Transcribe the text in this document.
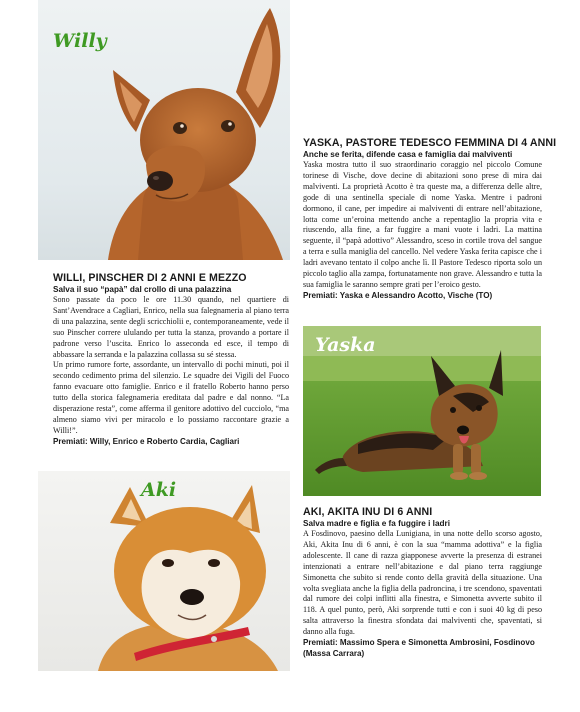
Willy
YASKA, PASTORE TEDESCO FEMMINA DI 4 ANNI
Anche se ferita, difende casa e famiglia dai malviventi

Yaska mostra tutto il suo straordinario coraggio nel piccolo Comune torinese di Vische, dove decine di abitazioni sono prese di mira dai malviventi. La proprietà Acotto è tra queste ma, a differenza delle altre, gode di una sentinella speciale di nome Yaska. Mentre i padroni dormono, il cane, per impedire ai malviventi di entrare nell’abitazione, lotta come un’eroina mettendo anche a repentaglio la propria vita e riuscendo, alla fine, a far fuggire a mani vuote i ladri. La mattina seguente, il “papà adottivo” Alessandro, sceso in cortile trova del sangue a terra e sulla maniglia del cancello. Nel vedere Yaska ferita capisce che i ladri avevano tentato il colpo anche lì. Il Pastore Tedesco riporta solo un piccolo taglio alla zampa, fortunatamente non grave. Alessandro e tutta la sua famiglia le saranno sempre grati per l’eroico gesto.

Premiati: Yaska e Alessandro Acotto, Vische (TO)
Yaska
WILLI, PINSCHER DI 2 ANNI E MEZZO
Salva il suo “papà” dal crollo di una palazzina

Sono passate da poco le ore 11.30 quando, nel quartiere di Sant’Avendrace a Cagliari, Enrico, nella sua falegnameria al piano terra di una palazzina, sente degli scricchiolii e, contemporaneamente, vede il suo Pinscher correre ululando per tutta la stanza, provando a portare il padrone verso l’uscita. Enrico lo asseconda ed esce, il tempo di abbassare la serranda e la palazzina collassa su sé stessa.

Un primo rumore forte, assordante, un intervallo di pochi minuti, poi il secondo cedimento prima del silenzio. Le squadre dei Vigili del Fuoco fanno evacuare otto famiglie. Enrico e il fratello Roberto hanno perso tutto della storica falegnameria ereditata dal padre e dal nonno. “La disperazione resta”, come afferma il genitore adottivo del cucciolo, “ma almeno siamo vivi per miracolo e lo possiamo raccontare grazie a Willi!”.

Premiati: Willy, Enrico e Roberto Cardia, Cagliari
Aki
AKI, AKITA INU DI 6 ANNI
Salva madre e figlia e fa fuggire i ladri

A Fosdinovo, paesino della Lunigiana, in una notte dello scorso agosto, Aki, Akita Inu di 6 anni, è con la sua “mamma adottiva” e la figlia adolescente. Il cane di razza giapponese avverte la presenza di estranei intenzionati a entrare nell’abitazione e dal piano terra raggiunge Simonetta che subito si rende conto della gravità della situazione. Una volta svegliata anche la figlia della padroncina, i tre scendono, spaventati dal rumore dei colpi inflitti alla finestra, e Simonetta avverte subito il 118. A quel punto, però, Aki sorprende tutti e con i suoi 40 kg di peso salta attraverso la finestra sfondata dai malviventi che, spaventati, si danno alla fuga.

Premiati: Massimo Spera e Simonetta Ambrosini, Fosdinovo (Massa Carrara)
